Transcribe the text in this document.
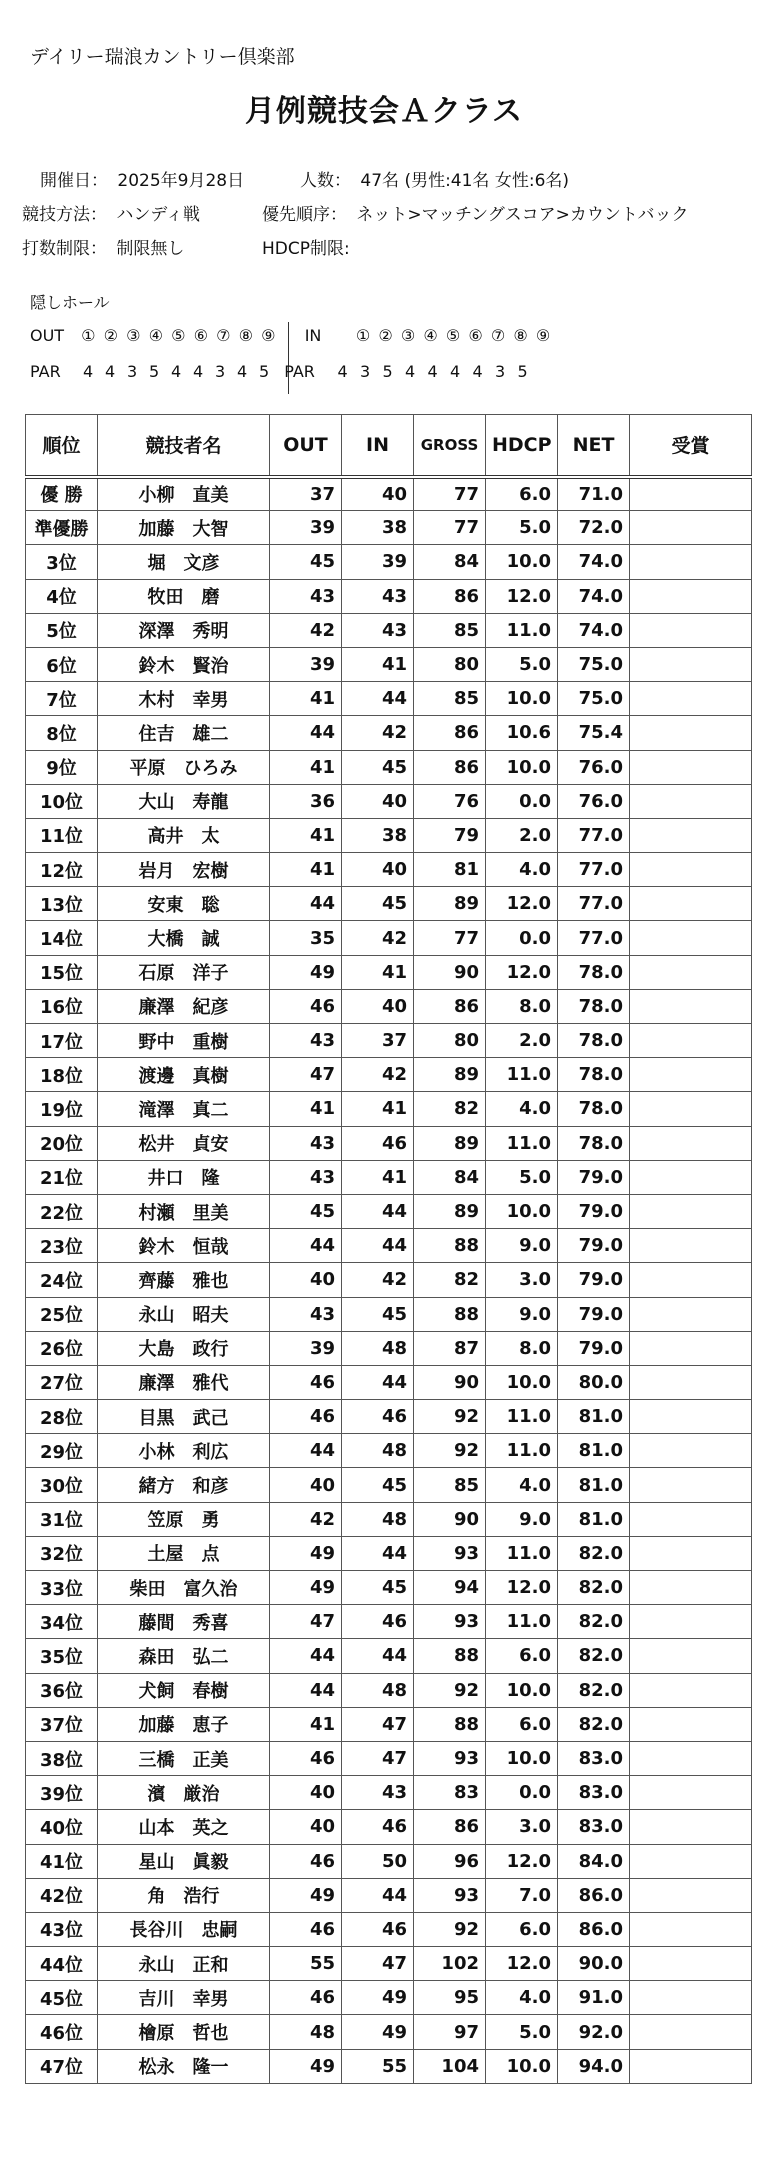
デイリー瑞浪カントリー倶楽部
月例競技会Ａクラス
開催日： 2025年9月28日	人数： 47名 (男性:41名 女性:6名)
競技方法： ハンディ戦	優先順序： ネット>マッチングスコア>カウントバック
打数制限： 制限無し	HDCP制限:
隠しホール
OUT ① ② ③ ④ ⑤ ⑥ ⑦ ⑧ ⑨ IN ① ② ③ ④ ⑤ ⑥ ⑦ ⑧ ⑨
PAR 4 4 3 5 4 4 3 4 5 PAR 4 3 5 4 4 4 4 3 5
順位	競技者名	OUT	IN	GROSS	HDCP	NET	受賞
優 勝	小柳　直美	37	40	77	6.0	71.0	
準優勝	加藤　大智	39	38	77	5.0	72.0	
3位	堀　文彦	45	39	84	10.0	74.0	
4位	牧田　磨	43	43	86	12.0	74.0	
5位	深澤　秀明	42	43	85	11.0	74.0	
6位	鈴木　賢治	39	41	80	5.0	75.0	
7位	木村　幸男	41	44	85	10.0	75.0	
8位	住吉　雄二	44	42	86	10.6	75.4	
9位	平原　ひろみ	41	45	86	10.0	76.0	
10位	大山　寿龍	36	40	76	0.0	76.0	
11位	高井　太	41	38	79	2.0	77.0	
12位	岩月　宏樹	41	40	81	4.0	77.0	
13位	安東　聡	44	45	89	12.0	77.0	
14位	大橋　誠	35	42	77	0.0	77.0	
15位	石原　洋子	49	41	90	12.0	78.0	
16位	廉澤　紀彦	46	40	86	8.0	78.0	
17位	野中　重樹	43	37	80	2.0	78.0	
18位	渡邊　真樹	47	42	89	11.0	78.0	
19位	滝澤　真二	41	41	82	4.0	78.0	
20位	松井　貞安	43	46	89	11.0	78.0	
21位	井口　隆	43	41	84	5.0	79.0	
22位	村瀬　里美	45	44	89	10.0	79.0	
23位	鈴木　恒哉	44	44	88	9.0	79.0	
24位	齊藤　雅也	40	42	82	3.0	79.0	
25位	永山　昭夫	43	45	88	9.0	79.0	
26位	大島　政行	39	48	87	8.0	79.0	
27位	廉澤　雅代	46	44	90	10.0	80.0	
28位	目黒　武己	46	46	92	11.0	81.0	
29位	小林　利広	44	48	92	11.0	81.0	
30位	緒方　和彦	40	45	85	4.0	81.0	
31位	笠原　勇	42	48	90	9.0	81.0	
32位	土屋　点	49	44	93	11.0	82.0	
33位	柴田　富久治	49	45	94	12.0	82.0	
34位	藤間　秀喜	47	46	93	11.0	82.0	
35位	森田　弘二	44	44	88	6.0	82.0	
36位	犬飼　春樹	44	48	92	10.0	82.0	
37位	加藤　恵子	41	47	88	6.0	82.0	
38位	三橋　正美	46	47	93	10.0	83.0	
39位	濱　厳治	40	43	83	0.0	83.0	
40位	山本　英之	40	46	86	3.0	83.0	
41位	星山　眞毅	46	50	96	12.0	84.0	
42位	角　浩行	49	44	93	7.0	86.0	
43位	長谷川　忠嗣	46	46	92	6.0	86.0	
44位	永山　正和	55	47	102	12.0	90.0	
45位	吉川　幸男	46	49	95	4.0	91.0	
46位	檜原　哲也	48	49	97	5.0	92.0	
47位	松永　隆一	49	55	104	10.0	94.0	
